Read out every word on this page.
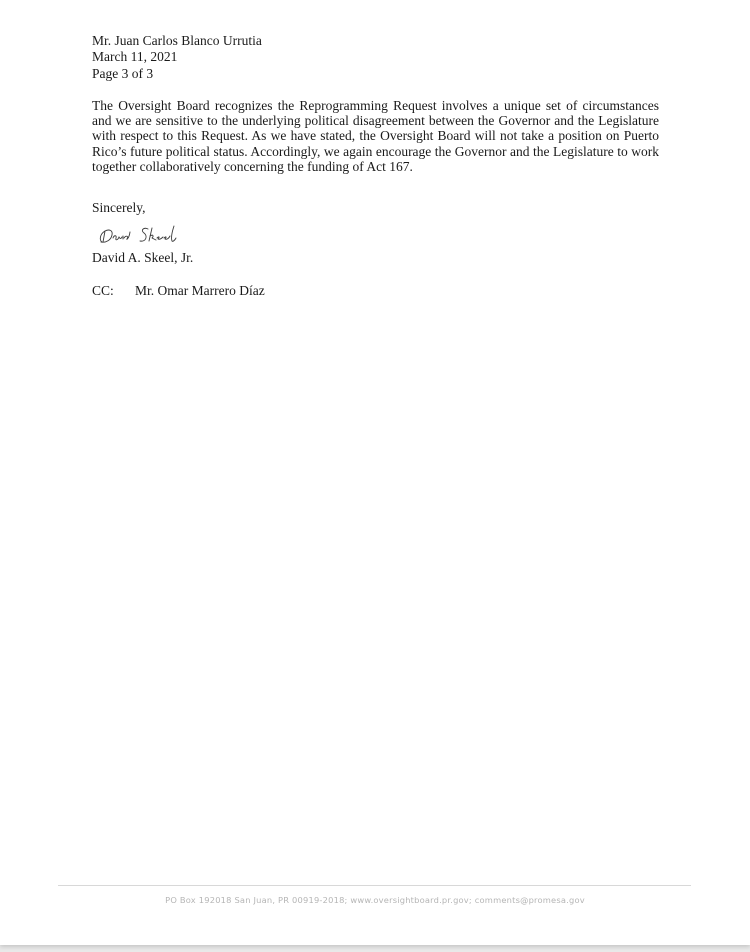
Mr. Juan Carlos Blanco Urrutia
March 11, 2021
Page 3 of 3
The Oversight Board recognizes the Reprogramming Request involves a unique set of circumstances and we are sensitive to the underlying political disagreement between the Governor and the Legislature with respect to this Request. As we have stated, the Oversight Board will not take a position on Puerto Rico’s future political status. Accordingly, we again encourage the Governor and the Legislature to work together collaboratively concerning the funding of Act 167.
Sincerely,
David A. Skeel, Jr.
CC: Mr. Omar Marrero Díaz
PO Box 192018 San Juan, PR 00919-2018; www.oversightboard.pr.gov; comments@promesa.gov
